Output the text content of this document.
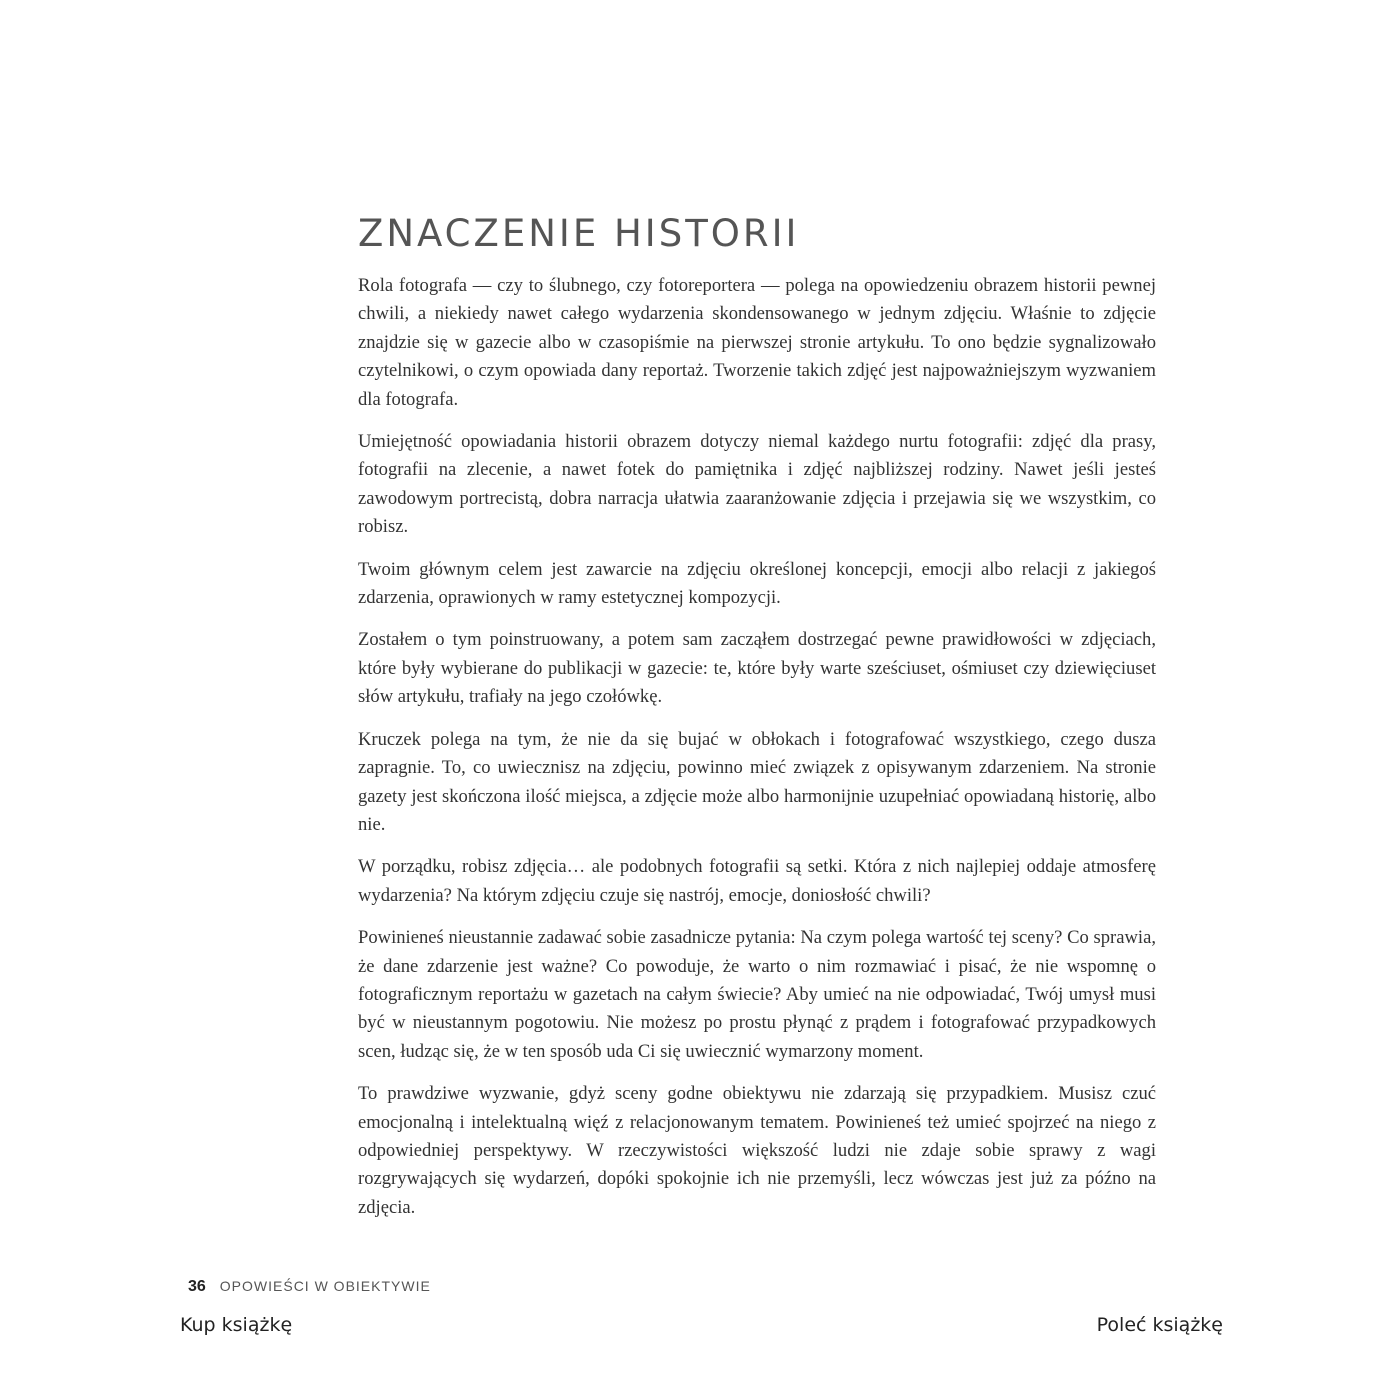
ZNACZENIE HISTORII

Rola fotografa — czy to ślubnego, czy fotoreportera — polega na opowiedzeniu obrazem historii pewnej chwili, a niekiedy nawet całego wydarzenia skondensowanego w jednym zdjęciu. Właśnie to zdjęcie znajdzie się w gazecie albo w czasopiśmie na pierwszej stronie artykułu. To ono będzie sygnalizowało czytelnikowi, o czym opowiada dany reportaż. Tworzenie takich zdjęć jest najpoważniejszym wyzwaniem dla fotografa.

Umiejętność opowiadania historii obrazem dotyczy niemal każdego nurtu fotografii: zdjęć dla prasy, fotografii na zlecenie, a nawet fotek do pamiętnika i zdjęć najbliższej rodziny. Nawet jeśli jesteś zawodowym portrecistą, dobra narracja ułatwia zaaranżowanie zdjęcia i przejawia się we wszystkim, co robisz.

Twoim głównym celem jest zawarcie na zdjęciu określonej koncepcji, emocji albo relacji z jakiegoś zdarzenia, oprawionych w ramy estetycznej kompozycji.

Zostałem o tym poinstruowany, a potem sam zacząłem dostrzegać pewne prawidłowości w zdjęciach, które były wybierane do publikacji w gazecie: te, które były warte sześciuset, ośmiuset czy dziewięciuset słów artykułu, trafiały na jego czołówkę.

Kruczek polega na tym, że nie da się bujać w obłokach i fotografować wszystkiego, czego dusza zapragnie. To, co uwiecznisz na zdjęciu, powinno mieć związek z opisywanym zdarzeniem. Na stronie gazety jest skończona ilość miejsca, a zdjęcie może albo harmonijnie uzupełniać opowiadaną historię, albo nie.

W porządku, robisz zdjęcia… ale podobnych fotografii są setki. Która z nich najlepiej oddaje atmosferę wydarzenia? Na którym zdjęciu czuje się nastrój, emocje, doniosłość chwili?

Powinieneś nieustannie zadawać sobie zasadnicze pytania: Na czym polega wartość tej sceny? Co sprawia, że dane zdarzenie jest ważne? Co powoduje, że warto o nim rozmawiać i pisać, że nie wspomnę o fotograficznym reportażu w gazetach na całym świecie? Aby umieć na nie odpowiadać, Twój umysł musi być w nieustannym pogotowiu. Nie możesz po prostu płynąć z prądem i fotografować przypadkowych scen, łudząc się, że w ten sposób uda Ci się uwiecznić wymarzony moment.

To prawdziwe wyzwanie, gdyż sceny godne obiektywu nie zdarzają się przypadkiem. Musisz czuć emocjonalną i intelektualną więź z relacjonowanym tematem. Powinieneś też umieć spojrzeć na niego z odpowiedniej perspektywy. W rzeczywistości większość ludzi nie zdaje sobie sprawy z wagi rozgrywających się wydarzeń, dopóki spokojnie ich nie przemyśli, lecz wówczas jest już za późno na zdjęcia.

36 OPOWIEŚCI W OBIEKTYWIE
Kup książkę	Poleć książkę
